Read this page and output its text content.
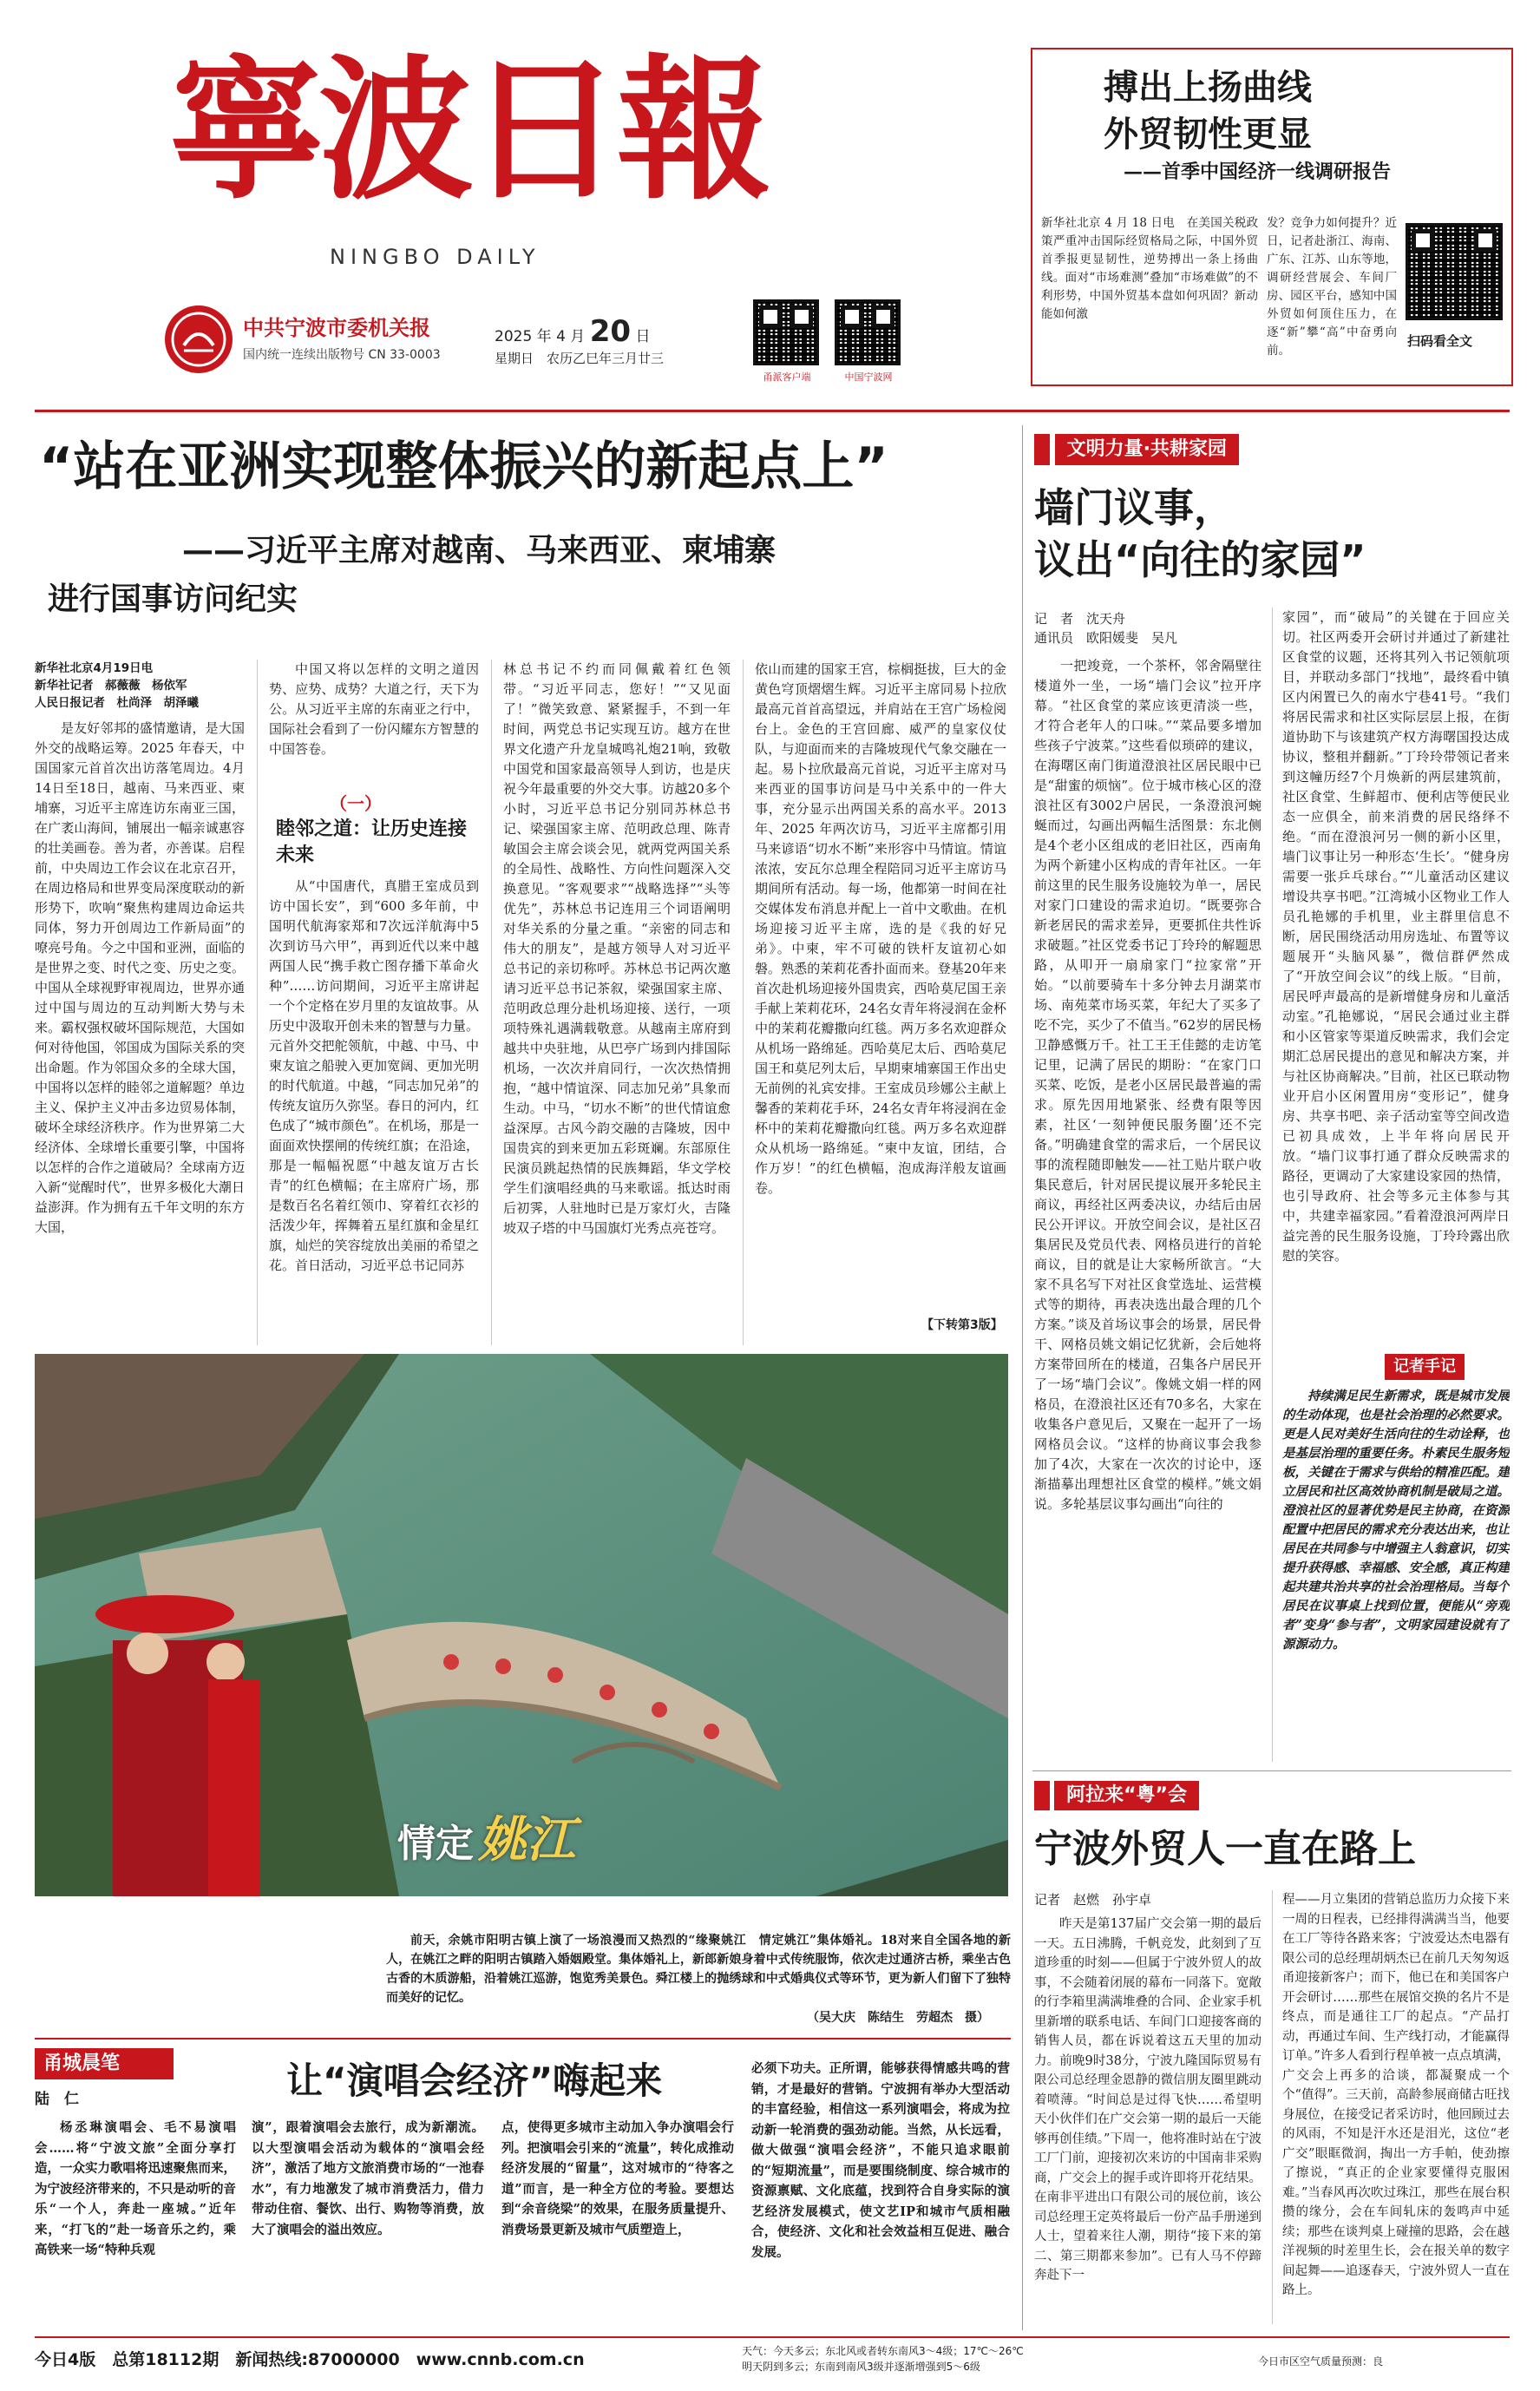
寧波日報
NINGBO DAILY
中共宁波市委机关报
国内统一连续出版物号 CN 33-0003
2025 年 4 月 20 日
星期日　农历乙巳年三月廿三
甬派客户端	中国宁波网
搏出上扬曲线
外贸韧性更显
——首季中国经济一线调研报告
新华社北京 4 月 18 日电　在美国关税政策严重冲击国际经贸格局之际，中国外贸首季报更显韧性，逆势搏出一条上扬曲线。面对“市场难测”叠加“市场难做”的不利形势，中国外贸基本盘如何巩固？新动能如何激
发？竞争力如何提升？近日，记者赴浙江、海南、广东、江苏、山东等地，调研经营展会、车间厂房、园区平台，感知中国外贸如何顶住压力，在逐“新”攀“高”中奋勇向前。
扫码看全文
“站在亚洲实现整体振兴的新起点上”
——习近平主席对越南、马来西亚、柬埔寨
进行国事访问纪实
新华社北京4月19日电
新华社记者　郝薇薇　杨依军
人民日报记者　杜尚泽　胡泽曦
是友好邻邦的盛情邀请，是大国外交的战略运筹。2025 年春天，中国国家元首首次出访落笔周边。4月14日至18日，越南、马来西亚、柬埔寨，习近平主席连访东南亚三国，在广袤山海间，铺展出一幅亲诚惠容的壮美画卷。善为者，亦善谋。启程前，中央周边工作会议在北京召开，在周边格局和世界变局深度联动的新形势下，吹响“聚焦构建周边命运共同体，努力开创周边工作新局面”的嘹亮号角。今之中国和亚洲，面临的是世界之变、时代之变、历史之变。中国从全球视野审视周边，世界亦通过中国与周边的互动判断大势与未来。霸权强权破坏国际规范，大国如何对待他国，邻国成为国际关系的突出命题。作为邻国众多的全球大国，中国将以怎样的睦邻之道解题？单边主义、保护主义冲击多边贸易体制，破坏全球经济秩序。作为世界第二大经济体、全球增长重要引擎，中国将以怎样的合作之道破局？全球南方迈入新“觉醒时代”，世界多极化大潮日益澎湃。作为拥有五千年文明的东方大国，
中国又将以怎样的文明之道因势、应势、成势？大道之行，天下为公。从习近平主席的东南亚之行中，国际社会看到了一份闪耀东方智慧的中国答卷。
（一）
睦邻之道：让历史连接未来
从“中国唐代，真腊王室成员到访中国长安”，到“600 多年前，中国明代航海家郑和7次远洋航海中5次到访马六甲”，再到近代以来中越两国人民“携手救亡图存播下革命火种”……访问期间，习近平主席讲起一个个定格在岁月里的友谊故事。从历史中汲取开创未来的智慧与力量。元首外交把舵领航，中越、中马、中柬友谊之船驶入更加宽阔、更加光明的时代航道。中越，“同志加兄弟”的传统友谊历久弥坚。春日的河内，红色成了“城市颜色”。在机场，那是一面面欢快摆闸的传统红旗；在沿途，那是一幅幅祝愿“中越友谊万古长青”的红色横幅；在主席府广场，那是数百名名着红领巾、穿着红衣衫的活泼少年，挥舞着五星红旗和金星红旗，灿烂的笑容绽放出美丽的希望之花。首日活动，习近平总书记同苏
林总书记不约而同佩戴着红色领带。“习近平同志，您好！”“又见面了！”微笑致意、紧紧握手，不到一年时间，两党总书记实现互访。越方在世界文化遗产升龙皇城鸣礼炮21响，致敬中国党和国家最高领导人到访，也是庆祝今年最重要的外交大事。访越20多个小时，习近平总书记分别同苏林总书记、梁强国家主席、范明政总理、陈青敏国会主席会谈会见，就两党两国关系的全局性、战略性、方向性问题深入交换意见。“客观要求”“战略选择”“头等优先”，苏林总书记连用三个词语阐明对华关系的分量之重。“亲密的同志和伟大的朋友”，是越方领导人对习近平总书记的亲切称呼。苏林总书记两次邀请习近平总书记茶叙，梁强国家主席、范明政总理分赴机场迎接、送行，一项项特殊礼遇满载敬意。从越南主席府到越共中央驻地，从巴亭广场到内排国际机场，一次次并肩同行，一次次热情拥抱，“越中情谊深、同志加兄弟”具象而生动。中马，“切水不断”的世代情谊愈益深厚。古风今韵交融的吉隆坡，因中国贵宾的到来更加五彩斑斓。东部原住民演员跳起热情的民族舞蹈，华文学校学生们演唱经典的马来歌谣。抵达时雨后初霁，人驻地时已是万家灯火，吉隆坡双子塔的中马国旗灯光秀点亮苍穹。
依山而建的国家王宫，棕榈挺拔，巨大的金黄色穹顶熠熠生辉。习近平主席同易卜拉欣最高元首首高望远，并肩站在王宫广场检阅台上。金色的王宫回廊、威严的皇家仪仗队，与迎面而来的吉隆坡现代气象交融在一起。易卜拉欣最高元首说，习近平主席对马来西亚的国事访问是马中关系中的一件大事，充分显示出两国关系的高水平。2013 年、2025 年两次访马，习近平主席都引用马来谚语“切水不断”来形容中马情谊。情谊浓浓，安瓦尔总理全程陪同习近平主席访马期间所有活动。每一场，他都第一时间在社交媒体发布消息并配上一首中文歌曲。在机场迎接习近平主席，选的是《我的好兄弟》。中柬，牢不可破的铁杆友谊初心如磐。熟悉的茉莉花香扑面而来。登基20年来首次赴机场迎接外国贵宾，西哈莫尼国王亲手献上茉莉花环，24名女青年将浸润在金杯中的茉莉花瓣撒向红毯。两万多名欢迎群众从机场一路绵延。西哈莫尼太后、西哈莫尼国王和莫尼列太后，早期柬埔寨国王作出史无前例的礼宾安排。王室成员珍娜公主献上馨香的茉莉花手环，24名女青年将浸润在金杯中的茉莉花瓣撒向红毯。两万多名欢迎群众从机场一路绵延。“柬中友谊，团结，合作万岁！”的红色横幅，泡成海洋般友谊画卷。
【下转第3版】
情定 姚江
前天，余姚市阳明古镇上演了一场浪漫而又热烈的“缘聚姚江　情定姚江”集体婚礼。18对来自全国各地的新人，在姚江之畔的阳明古镇踏入婚姻殿堂。集体婚礼上，新郎新娘身着中式传统服饰，依次走过通济古桥，乘坐古色古香的木质游船，沿着姚江巡游，饱览秀美景色。舜江楼上的抛绣球和中式婚典仪式等环节，更为新人们留下了独特而美好的记忆。
（吴大庆　陈结生　劳超杰　摄）
甬城晨笔
陆　仁	让“演唱会经济”嗨起来
杨丞琳演唱会、毛不易演唱会……将“宁波文旅”全面分享打造，一众实力歌唱将迅速聚焦而来，为宁波经济带来的，不只是动听的音乐“一个人，奔赴一座城。”近年来，“打飞的”赴一场音乐之约，乘高铁来一场“特种兵观
演”，跟着演唱会去旅行，成为新潮流。以大型演唱会活动为载体的“演唱会经济”，激活了地方文旅消费市场的“一池春水”，有力地激发了城市消费活力，借力带动住宿、餐饮、出行、购物等消费，放大了演唱会的溢出效应。
点，使得更多城市主动加入争办演唱会行列。把演唱会引来的“流量”，转化成推动经济发展的“留量”，这对城市的“待客之道”而言，是一种全方位的考验。要想达到“余音绕梁”的效果，在服务质量提升、消费场景更新及城市气质塑造上，
必须下功夫。正所谓，能够获得情感共鸣的营销，才是最好的营销。宁波拥有举办大型活动的丰富经验，相信这一系列演唱会，将成为拉动新一轮消费的强劲动能。当然，从长远看，做大做强“演唱会经济”，不能只追求眼前的“短期流量”，而是要围绕制度、综合城市的资源禀赋、文化底蕴，找到符合自身实际的演艺经济发展模式，使文艺IP和城市气质相融合，使经济、文化和社会效益相互促进、融合发展。
文明力量·共耕家园
墙门议事，
议出“向往的家园”
记　者　沈天舟
通讯员　欧阳媛斐　吴凡
一把竣竟，一个茶杯，邻舍隔壁往楼道外一坐，一场“墙门会议”拉开序幕。“社区食堂的菜应该更清淡一些，才符合老年人的口味。”“菜品要多增加些孩子宁波菜。”这些看似琐碎的建议，在海曙区南门街道澄浪社区居民眼中已是“甜蜜的烦恼”。位于城市核心区的澄浪社区有3002户居民，一条澄浪河蜿蜒而过，勾画出两幅生活图景：东北侧是4个老小区组成的老旧社区，西南角为两个新建小区构成的青年社区。一年前这里的民生服务设施较为单一，居民对家门口建设的需求迫切。“既要弥合新老居民的需求差异，更要抓住共性诉求破题。”社区党委书记丁玲玲的解题思路，从叩开一扇扇家门“拉家常”开始。“以前要骑车十多分钟去月湖菜市场、南苑菜市场买菜，年纪大了买多了吃不完，买少了不值当。”62岁的居民杨卫静感慨万千。社工王王佳懿的走访笔记里，记满了居民的期盼：“在家门口买菜、吃饭，是老小区居民最普遍的需求。原先因用地紧张、经费有限等因素，社区‘一刻钟便民服务圈’还不完备。”明确建食堂的需求后，一个居民议事的流程随即触发——社工贴片联户收集民意后，针对居民提议展开多轮民主商议，再经社区两委决议，办结后由居民公开评议。开放空间会议，是社区召集居民及党员代表、网格员进行的首轮商议，目的就是让大家畅所欲言。“大家不具名写下对社区食堂选址、运营模式等的期待，再表决选出最合理的几个方案。”谈及首场议事会的场景，居民骨干、网格员姚文娟记忆犹新，会后她将方案带回所在的楼道，召集各户居民开了一场“墙门会议”。像姚文娟一样的网格员，在澄浪社区还有70多名，大家在收集各户意见后，又聚在一起开了一场网格员会议。“这样的协商议事会我参加了4次，大家在一次次的讨论中，逐渐描摹出理想社区食堂的模样。”姚文娟说。多轮基层议事勾画出“向往的
家园”，而“破局”的关键在于回应关切。社区两委开会研讨并通过了新建社区食堂的议题，还将其列入书记领航项目，并联动多部门“找地”，最终看中镇区内闲置已久的南水宁巷41号。“我们将居民需求和社区实际层层上报，在街道协助下与该建筑产权方海曙国投达成协议，整租并翻新。”丁玲玲带领记者来到这幢历经7个月焕新的两层建筑前，社区食堂、生鲜超市、便利店等便民业态一应俱全，前来消费的居民络绎不绝。“而在澄浪河另一侧的新小区里，墙门议事让另一种形态‘生长’。“健身房需要一张乒乓球台。”“儿童活动区建议增设共享书吧。”江湾城小区物业工作人员孔艳娜的手机里，业主群里信息不断，居民围绕活动用房选址、布置等议题展开“头脑风暴”，微信群俨然成了“开放空间会议”的线上版。“目前，居民呼声最高的是新增健身房和儿童活动室。”孔艳娜说，“居民会通过业主群和小区管家等渠道反映需求，我们会定期汇总居民提出的意见和解决方案，并与社区协商解决。”目前，社区已联动物业开启小区闲置用房“变形记”，健身房、共享书吧、亲子活动室等空间改造已初具成效，上半年将向居民开放。“墙门议事打通了群众反映需求的路径，更调动了大家建设家园的热情，也引导政府、社会等多元主体参与其中，共建幸福家园。”看着澄浪河两岸日益完善的民生服务设施，丁玲玲露出欣慰的笑容。
记者手记
持续满足民生新需求，既是城市发展的生动体现，也是社会治理的必然要求。更是人民对美好生活向往的生动诠释，也是基层治理的重要任务。朴素民生服务短板，关键在于需求与供给的精准匹配。建立居民和社区高效协商机制是破局之道。澄浪社区的显著优势是民主协商，在资源配置中把居民的需求充分表达出来，也让居民在共同参与中增强主人翁意识，切实提升获得感、幸福感、安全感，真正构建起共建共治共享的社会治理格局。当每个居民在议事桌上找到位置，便能从“旁观者”变身“参与者”，文明家园建设就有了源源动力。
阿拉来“粤”会
宁波外贸人一直在路上
记者　赵燃　孙宇卓
昨天是第137届广交会第一期的最后一天。五日沸腾，千帆竞发，此刻到了互道珍重的时刻——但属于宁波外贸人的故事，不会随着闭展的幕布一同落下。宽敞的行李箱里满满堆叠的合同、企业家手机里新增的联系电话、车间门口迎接客商的销售人员，都在诉说着这五天里的加动力。前晚9时38分，宁波九隆国际贸易有限公司总经理金恩静的微信朋友圈里跳动着喷薄。“时间总是过得飞快……希望明天小伙伴们在广交会第一期的最后一天能够再创佳绩。”下周一，他将准时站在宁波工厂门前，迎接初次来访的中国南非采购商，广交会上的握手或许即将开花结果。在南非平进出口有限公司的展位前，该公司总经理王定英将最后一份产品手册递到人士，望着来往人潮，期待“接下来的第二、第三期都来参加”。已有人马不停蹄奔赴下一
程——月立集团的营销总监历力众接下来一周的日程表，已经排得满满当当，他要在工厂等待各路来客；宁波爱达杰电器有限公司的总经理胡炳杰已在前几天匆匆返甬迎接新客户；而下，他已在和美国客户开会研讨……那些在展馆交换的名片不是终点，而是通往工厂的起点。“产品打动，再通过车间、生产线打动，才能赢得订单。”许多人看到行程单被一点点填满，广交会上再多的洽谈，都凝聚成一个个“值得”。三天前，高龄参展商储古旺找身展位，在接受记者采访时，他回顾过去的风雨，不知是汗水还是泪光，这位“老广交”眼眶微润，掏出一方手帕，使劲擦了擦说，“真正的企业家要懂得克服困难。”当春风再次吹过珠江，那些在展台积攒的缘分，会在车间轧床的轰鸣声中延续；那些在谈判桌上碰撞的思路，会在越洋视频的时差里生长，会在报关单的数字间起舞——追逐春天，宁波外贸人一直在路上。
今日4版　总第18112期　新闻热线:87000000　www.cnnb.com.cn	天气：今天多云；东北风或者转东南风3～4级；17℃～26℃
明天阴到多云；东南到南风3级并逐渐增强到5～6级	今日市区空气质量预测：良
